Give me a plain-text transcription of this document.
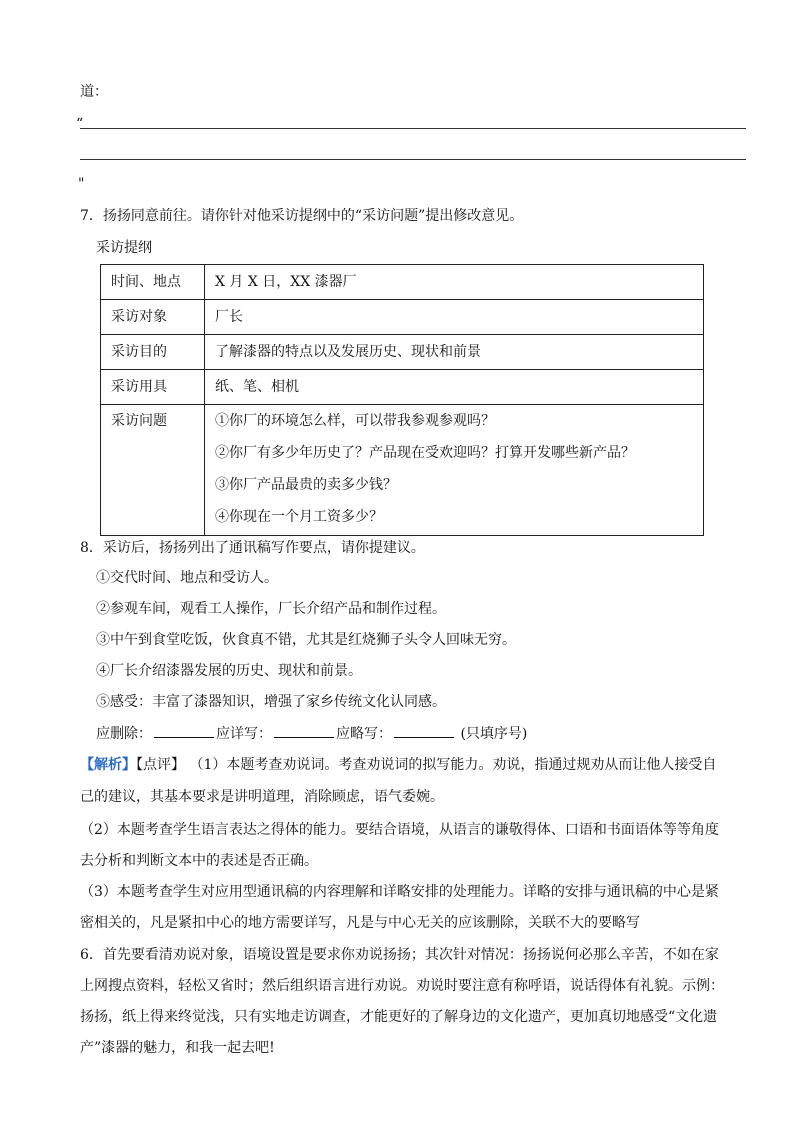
道：
“
"
7．扬扬同意前往。请你针对他采访提纲中的“采访问题”提出修改意见。
采访提纲
时间、地点	X 月 X 日，XX 漆器厂
采访对象	厂长
采访目的	了解漆器的特点以及发展历史、现状和前景
采访用具	纸、笔、相机
采访问题	①你厂的环境怎么样，可以带我参观参观吗？
②你厂有多少年历史了？产品现在受欢迎吗？打算开发哪些新产品？
③你厂产品最贵的卖多少钱？
④你现在一个月工资多少？
8．采访后，扬扬列出了通讯稿写作要点，请你提建议。
①交代时间、地点和受访人。
②参观车间，观看工人操作，厂长介绍产品和制作过程。
③中午到食堂吃饭，伙食真不错，尤其是红烧狮子头令人回味无穷。
④厂长介绍漆器发展的历史、现状和前景。
⑤感受：丰富了漆器知识，增强了家乡传统文化认同感。
应删除：	应详写：	应略写：	(只填序号)
【解析】【点评】 （1）本题考查劝说词。考查劝说词的拟写能力。劝说，指通过规劝从而让他人接受自
己的建议，其基本要求是讲明道理，消除顾虑，语气委婉。
（2）本题考查学生语言表达之得体的能力。要结合语境，从语言的谦敬得体、口语和书面语体等等角度
去分析和判断文本中的表述是否正确。
（3）本题考查学生对应用型通讯稿的内容理解和详略安排的处理能力。详略的安排与通讯稿的中心是紧
密相关的，凡是紧扣中心的地方需要详写，凡是与中心无关的应该删除，关联不大的要略写
6．首先要看清劝说对象，语境设置是要求你劝说扬扬；其次针对情况：扬扬说何必那么辛苦，不如在家
上网搜点资料，轻松又省时；然后组织语言进行劝说。劝说时要注意有称呼语，说话得体有礼貌。示例：
扬扬，纸上得来终觉浅，只有实地走访调查，才能更好的了解身边的文化遗产，更加真切地感受“文化遗
产”漆器的魅力，和我一起去吧!
